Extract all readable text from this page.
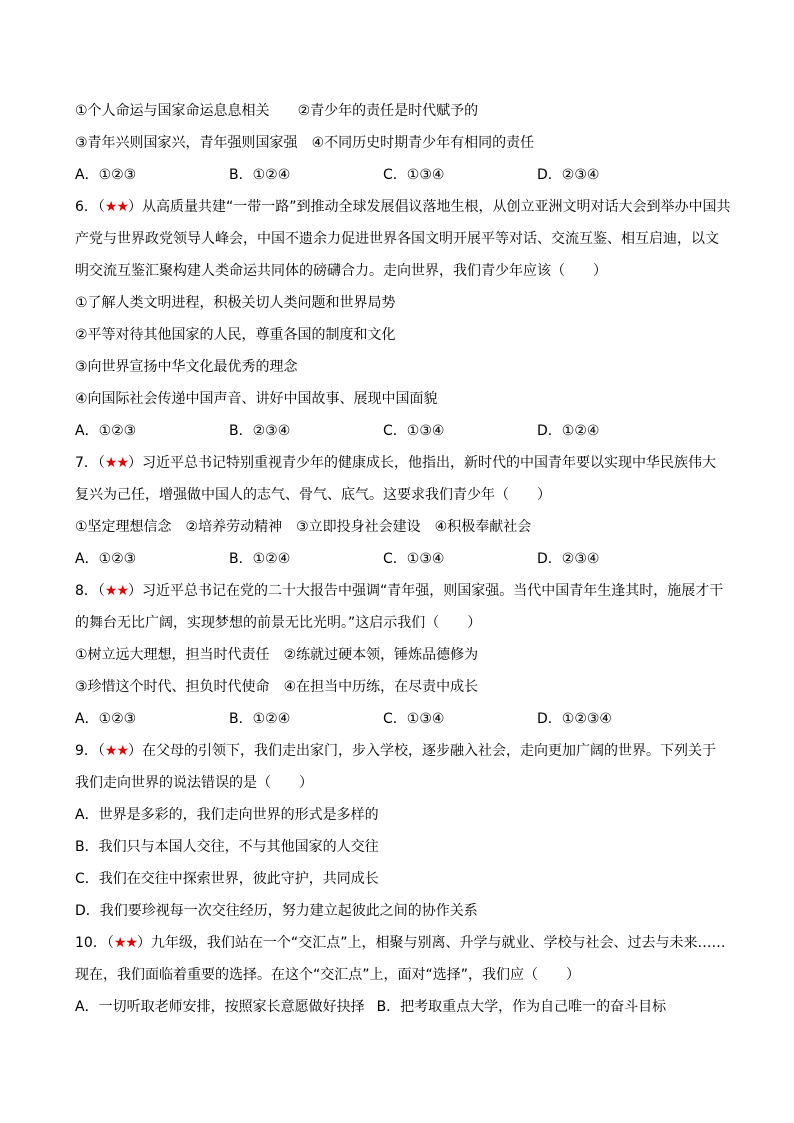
①个人命运与国家命运息息相关 ②青少年的责任是时代赋予的
③青年兴则国家兴，青年强则国家强 ④不同历史时期青少年有相同的责任
A．①②③	B．①②④	C．①③④	D．②③④
6．（★★）从高质量共建“一带一路”到推动全球发展倡议落地生根，从创立亚洲文明对话大会到举办中国共
产党与世界政党领导人峰会，中国不遗余力促进世界各国文明开展平等对话、交流互鉴、相互启迪，以文
明交流互鉴汇聚构建人类命运共同体的磅礴合力。走向世界，我们青少年应该（　　）
①了解人类文明进程，积极关切人类问题和世界局势
②平等对待其他国家的人民，尊重各国的制度和文化
③向世界宣扬中华文化最优秀的理念
④向国际社会传递中国声音、讲好中国故事、展现中国面貌
A．①②③	B．②③④	C．①③④	D．①②④
7．（★★）习近平总书记特别重视青少年的健康成长，他指出，新时代的中国青年要以实现中华民族伟大
复兴为己任，增强做中国人的志气、骨气、底气。这要求我们青少年（　　）
①坚定理想信念　②培养劳动精神　③立即投身社会建设　④积极奉献社会
A．①②③	B．①②④	C．①③④	D．②③④
8．（★★）习近平总书记在党的二十大报告中强调“青年强，则国家强。当代中国青年生逢其时，施展才干
的舞台无比广阔，实现梦想的前景无比光明。”这启示我们（　　）
①树立远大理想，担当时代责任 ②练就过硬本领，锤炼品德修为
③珍惜这个时代、担负时代使命 ④在担当中历练，在尽责中成长
A．①②③	B．①②④	C．①③④	D．①②③④
9．（★★）在父母的引领下，我们走出家门，步入学校，逐步融入社会，走向更加广阔的世界。下列关于
我们走向世界的说法错误的是（　　）
A．世界是多彩的，我们走向世界的形式是多样的
B．我们只与本国人交往，不与其他国家的人交往
C．我们在交往中探索世界，彼此守护，共同成长
D．我们要珍视每一次交往经历，努力建立起彼此之间的协作关系
10．（★★）九年级，我们站在一个“交汇点”上，相聚与别离、升学与就业、学校与社会、过去与未来……
现在，我们面临着重要的选择。在这个“交汇点”上，面对“选择”，我们应（　　）
A．一切听取老师安排，按照家长意愿做好抉择 B．把考取重点大学，作为自己唯一的奋斗目标
